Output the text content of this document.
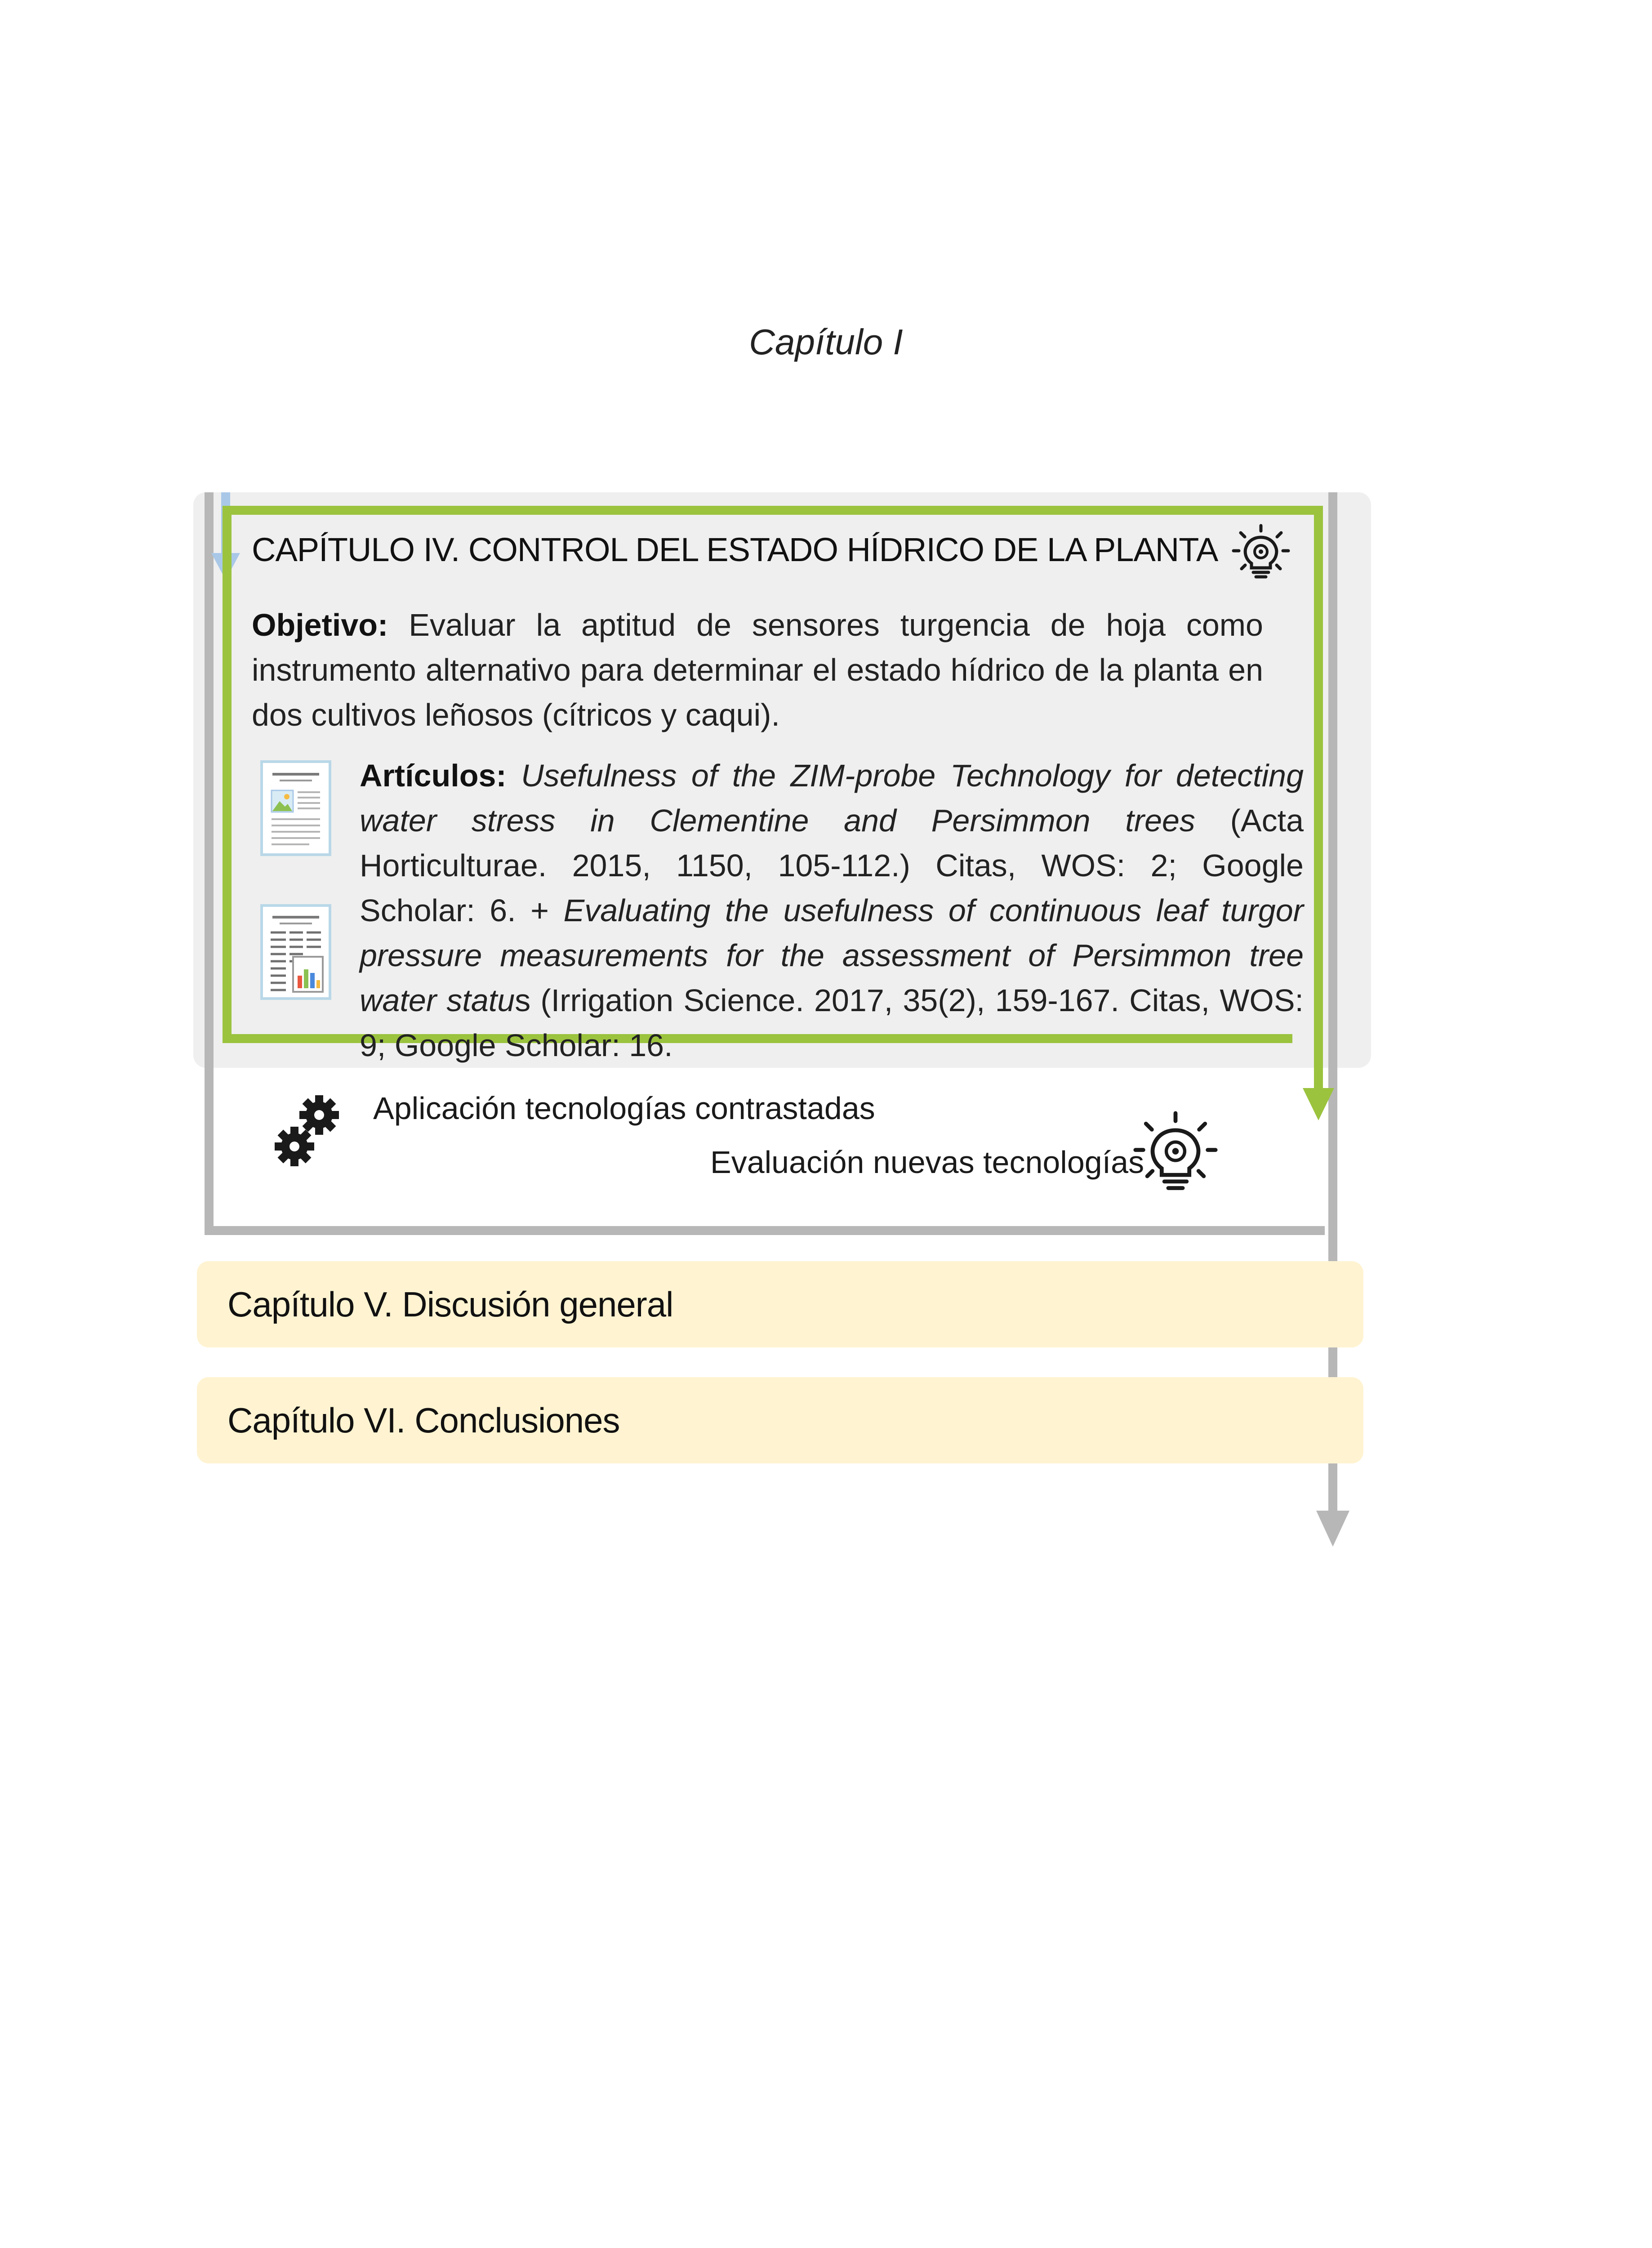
Capítulo I
CAPÍTULO IV. CONTROL DEL ESTADO HÍDRICO DE LA PLANTA
Objetivo: Evaluar la aptitud de sensores turgencia de hoja como instrumento alternativo para determinar el estado hídrico de la planta en dos cultivos leñosos (cítricos y caqui).
Artículos: Usefulness of the ZIM-probe Technology for detecting water stress in Clementine and Persimmon trees (Acta Horticulturae. 2015, 1150, 105-112.) Citas, WOS: 2; Google Scholar: 6. + Evaluating the usefulness of continuous leaf turgor pressure measurements for the assessment of Persimmon tree water status (Irrigation Science. 2017, 35(2), 159-167. Citas, WOS: 9; Google Scholar: 16.
Aplicación tecnologías contrastadas
Evaluación nuevas tecnologías
Capítulo V. Discusión general
Capítulo VI. Conclusiones
